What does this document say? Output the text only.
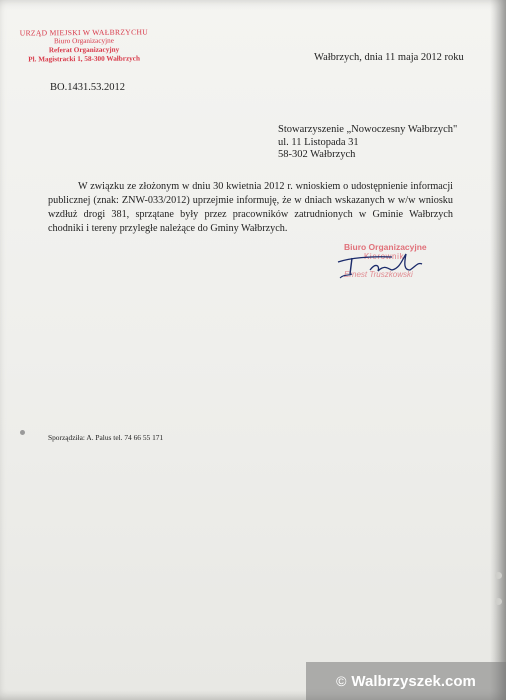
URZĄD MIEJSKI W WAŁBRZYCHU
Biuro Organizacyjne
Referat Organizacyjny
Pl. Magistracki 1, 58-300 Wałbrzych	Wałbrzych, dnia 11 maja 2012 roku
BO.1431.53.2012
Stowarzyszenie „Nowoczesny Wałbrzych"
ul. 11 Listopada 31
58-302 Wałbrzych
W związku ze złożonym w dniu 30 kwietnia 2012 r. wnioskiem o udostępnienie informacji publicznej (znak: ZNW-033/2012) uprzejmie informuję, że w dniach wskazanych w w/w wniosku wzdłuż drogi 381, sprzątane były przez pracowników zatrudnionych w Gminie Wałbrzych chodniki i tereny przyległe należące do Gminy Wałbrzych.
Biuro Organizacyjne
Kierownik
Ernest Truszkowski
Sporządziła: A. Palus tel. 74 66 55 171
© Walbrzyszek.com
